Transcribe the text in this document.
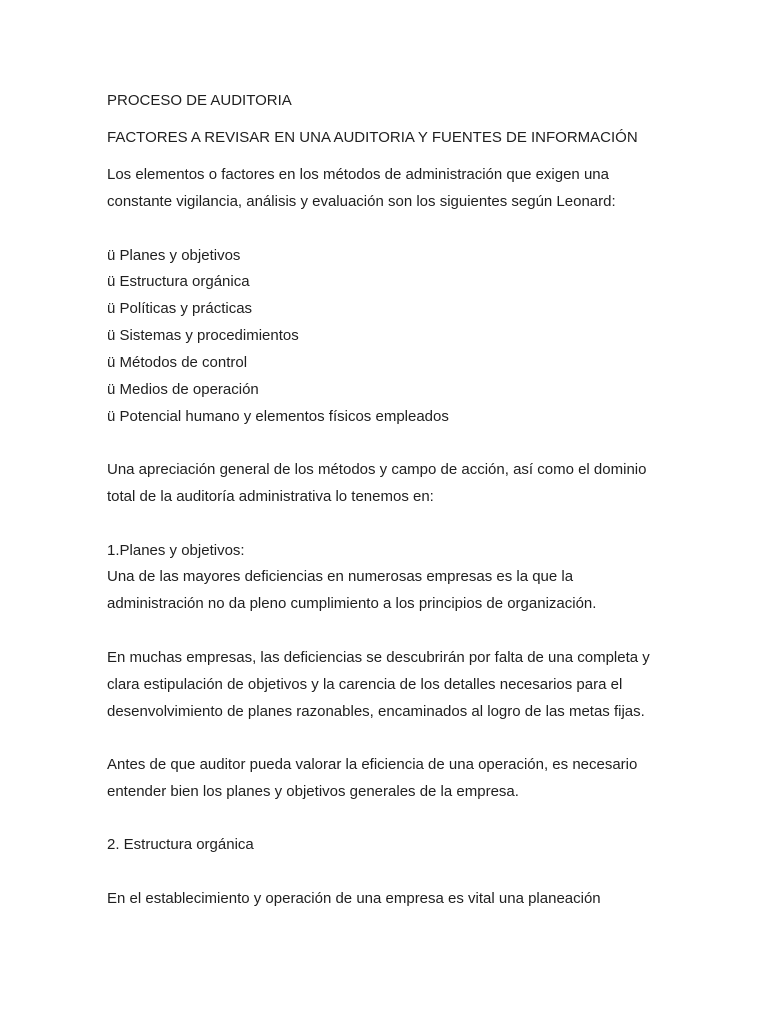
PROCESO DE AUDITORIA
FACTORES A REVISAR EN UNA AUDITORIA Y FUENTES DE INFORMACIÓN
Los elementos o factores en los métodos de administración que exigen una
constante vigilancia, análisis y evaluación son los siguientes según Leonard:
ü Planes y objetivos
ü Estructura orgánica
ü Políticas y prácticas
ü Sistemas y procedimientos
ü Métodos de control
ü Medios de operación
ü Potencial humano y elementos físicos empleados
Una apreciación general de los métodos y campo de acción, así como el dominio
total de la auditoría administrativa lo tenemos en:
1.Planes y objetivos:
Una de las mayores deficiencias en numerosas empresas es la que la
administración no da pleno cumplimiento a los principios de organización.
En muchas empresas, las deficiencias se descubrirán por falta de una completa y
clara estipulación de objetivos y la carencia de los detalles necesarios para el
desenvolvimiento de planes razonables, encaminados al logro de las metas fijas.
Antes de que auditor pueda valorar la eficiencia de una operación, es necesario
entender bien los planes y objetivos generales de la empresa.
2. Estructura orgánica
En el establecimiento y operación de una empresa es vital una planeación
